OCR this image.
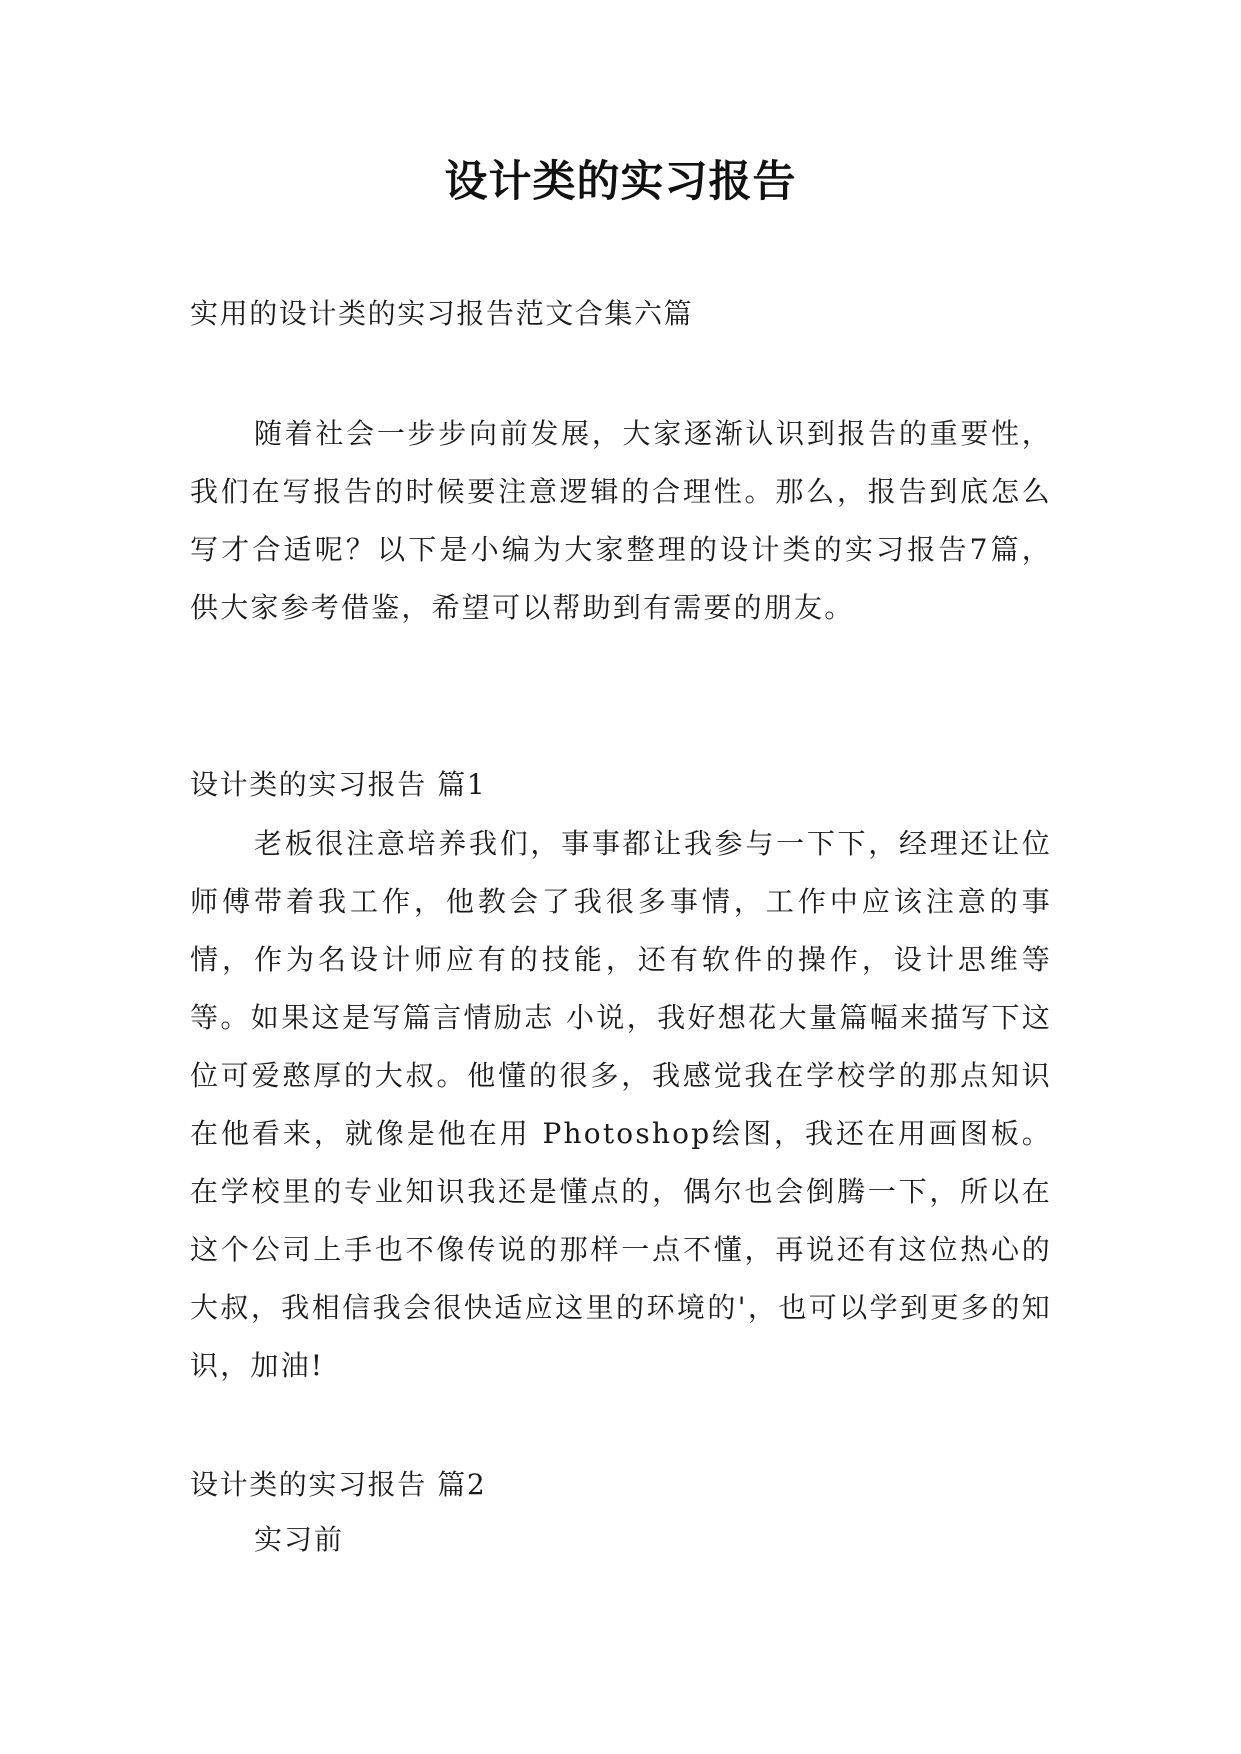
设计类的实习报告

实用的设计类的实习报告范文合集六篇

随着社会一步步向前发展，大家逐渐认识到报告的重要性，我们在写报告的时候要注意逻辑的合理性。那么，报告到底怎么写才合适呢？以下是小编为大家整理的设计类的实习报告7篇，供大家参考借鉴，希望可以帮助到有需要的朋友。

设计类的实习报告 篇1

老板很注意培养我们，事事都让我参与一下下，经理还让位师傅带着我工作，他教会了我很多事情，工作中应该注意的事情，作为名设计师应有的技能，还有软件的操作，设计思维等等。如果这是写篇言情励志 小说，我好想花大量篇幅来描写下这位可爱憨厚的大叔。他懂的很多，我感觉我在学校学的那点知识在他看来，就像是他在用 Photoshop绘图，我还在用画图板。在学校里的专业知识我还是懂点的，偶尔也会倒腾一下，所以在这个公司上手也不像传说的那样一点不懂，再说还有这位热心的大叔，我相信我会很快适应这里的环境的'，也可以学到更多的知识，加油!

设计类的实习报告 篇2

实习前
